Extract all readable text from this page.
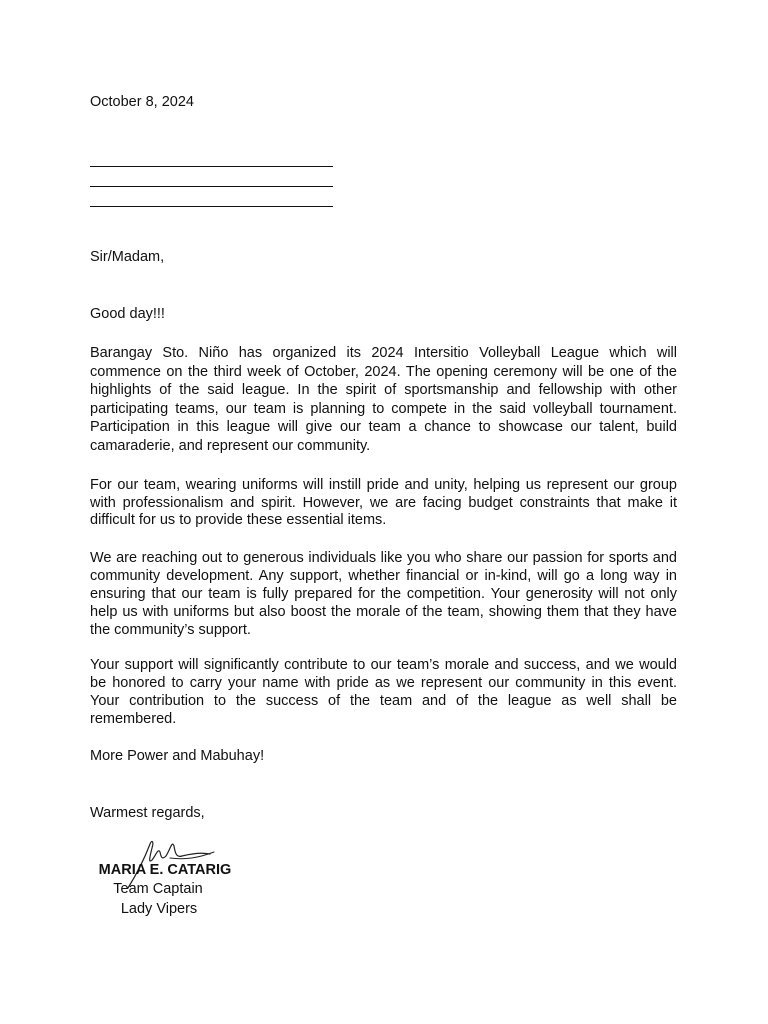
October 8, 2024
Sir/Madam,
Good day!!!
Barangay Sto. Niño has organized its 2024 Intersitio Volleyball League which will commence on the third week of October, 2024. The opening ceremony will be one of the highlights of the said league. In the spirit of sportsmanship and fellowship with other participating teams, our team is planning to compete in the said volleyball tournament. Participation in this league will give our team a chance to showcase our talent, build camaraderie, and represent our community.
For our team, wearing uniforms will instill pride and unity, helping us represent our group with professionalism and spirit. However, we are facing budget constraints that make it difficult for us to provide these essential items.
We are reaching out to generous individuals like you who share our passion for sports and community development. Any support, whether financial or in-kind, will go a long way in ensuring that our team is fully prepared for the competition. Your generosity will not only help us with uniforms but also boost the morale of the team, showing them that they have the community’s support.
Your support will significantly contribute to our team’s morale and success, and we would be honored to carry your name with pride as we represent our community in this event. Your contribution to the success of the team and of the league as well shall be remembered.
More Power and Mabuhay!
Warmest regards,
MARIA E. CATARIG
Team Captain
Lady Vipers
